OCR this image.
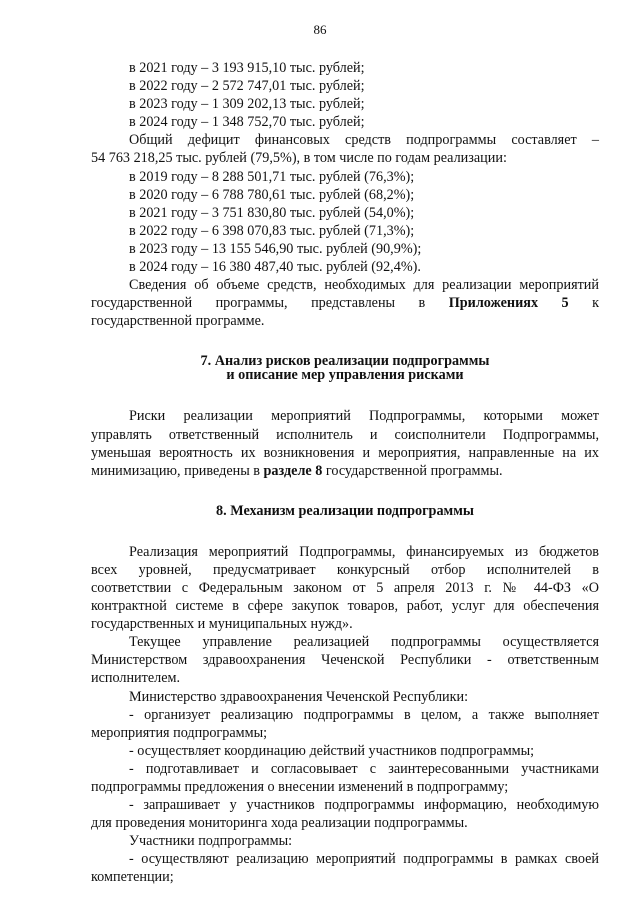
86
в 2021 году – 3 193 915,10 тыс. рублей;
в 2022 году – 2 572 747,01 тыс. рублей;
в 2023 году – 1 309 202,13 тыс. рублей;
в 2024 году – 1 348 752,70 тыс. рублей;
Общий дефицит финансовых средств подпрограммы составляет –
54 763 218,25 тыс. рублей (79,5%), в том числе по годам реализации:
в 2019 году – 8 288 501,71 тыс. рублей (76,3%);
в 2020 году – 6 788 780,61 тыс. рублей (68,2%);
в 2021 году – 3 751 830,80 тыс. рублей (54,0%);
в 2022 году – 6 398 070,83 тыс. рублей (71,3%);
в 2023 году – 13 155 546,90 тыс. рублей (90,9%);
в 2024 году – 16 380 487,40 тыс. рублей (92,4%).
Сведения об объеме средств, необходимых для реализации мероприятий
государственной программы, представлены в Приложениях 5 к
государственной программе.
7. Анализ рисков реализации подпрограммы
и описание мер управления рисками
Риски реализации мероприятий Подпрограммы, которыми может
управлять ответственный исполнитель и соисполнители Подпрограммы,
уменьшая вероятность их возникновения и мероприятия, направленные на их
минимизацию, приведены в разделе 8 государственной программы.
8. Механизм реализации подпрограммы
Реализация мероприятий Подпрограммы, финансируемых из бюджетов
всех уровней, предусматривает конкурсный отбор исполнителей в
соответствии с Федеральным законом от 5 апреля 2013 г. № 44-ФЗ «О
контрактной системе в сфере закупок товаров, работ, услуг для обеспечения
государственных и муниципальных нужд».
Текущее управление реализацией подпрограммы осуществляется
Министерством здравоохранения Чеченской Республики - ответственным
исполнителем.
Министерство здравоохранения Чеченской Республики:
- организует реализацию подпрограммы в целом, а также выполняет
мероприятия подпрограммы;
- осуществляет координацию действий участников подпрограммы;
- подготавливает и согласовывает с заинтересованными участниками
подпрограммы предложения о внесении изменений в подпрограмму;
- запрашивает у участников подпрограммы информацию, необходимую
для проведения мониторинга хода реализации подпрограммы.
Участники подпрограммы:
- осуществляют реализацию мероприятий подпрограммы в рамках своей
компетенции;
